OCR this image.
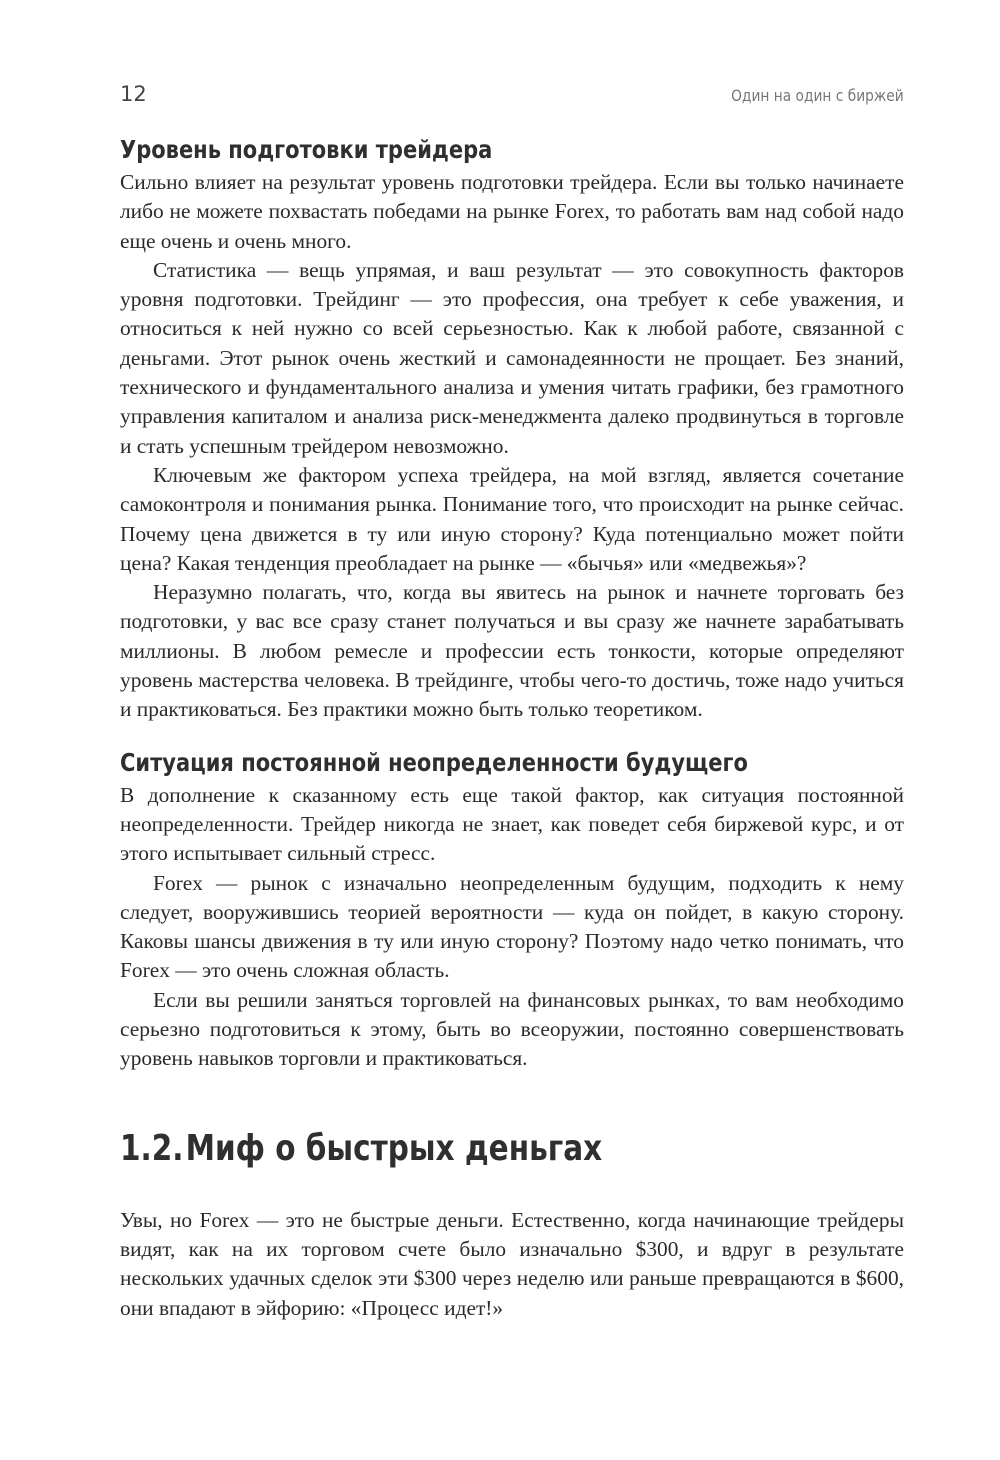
12	Один на один с биржей
Уровень подготовки трейдера

Сильно влияет на результат уровень подготовки трейдера. Если вы только начинаете либо не можете похвастать победами на рынке Forex, то работать вам над собой надо еще очень и очень много.

Статистика — вещь упрямая, и ваш результат — это совокупность факторов уровня подготовки. Трейдинг — это профессия, она требует к себе уважения, и относиться к ней нужно со всей серьезностью. Как к любой работе, связанной с деньгами. Этот рынок очень жесткий и самонадеянности не прощает. Без знаний, технического и фундаментального анализа и умения читать графики, без грамотного управления капиталом и анализа риск-менеджмента далеко продвинуться в торговле и стать успешным трейдером невозможно.

Ключевым же фактором успеха трейдера, на мой взгляд, является сочетание самоконтроля и понимания рынка. Понимание того, что происходит на рынке сейчас. Почему цена движется в ту или иную сторону? Куда потенциально может пойти цена? Какая тенденция преобладает на рынке — «бычья» или «медвежья»?

Неразумно полагать, что, когда вы явитесь на рынок и начнете торговать без подготовки, у вас все сразу станет получаться и вы сразу же начнете зарабатывать миллионы. В любом ремесле и профессии есть тонкости, которые определяют уровень мастерства человека. В трейдинге, чтобы чего-то достичь, тоже надо учиться и практиковаться. Без практики можно быть только теоретиком.

Ситуация постоянной неопределенности будущего

В дополнение к сказанному есть еще такой фактор, как ситуация постоянной неопределенности. Трейдер никогда не знает, как поведет себя биржевой курс, и от этого испытывает сильный стресс.

Forex — рынок с изначально неопределенным будущим, подходить к нему следует, вооружившись теорией вероятности — куда он пойдет, в какую сторону. Каковы шансы движения в ту или иную сторону? Поэтому надо четко понимать, что Forex — это очень сложная область.

Если вы решили заняться торговлей на финансовых рынках, то вам необходимо серьезно подготовиться к этому, быть во всеоружии, постоянно совершенствовать уровень навыков торговли и практиковаться.

1.2.Миф о быстрых деньгах

Увы, но Forex — это не быстрые деньги. Естественно, когда начинающие трейдеры видят, как на их торговом счете было изначально $300, и вдруг в результате нескольких удачных сделок эти $300 через неделю или раньше превращаются в $600, они впадают в эйфорию: «Процесс идет!»
